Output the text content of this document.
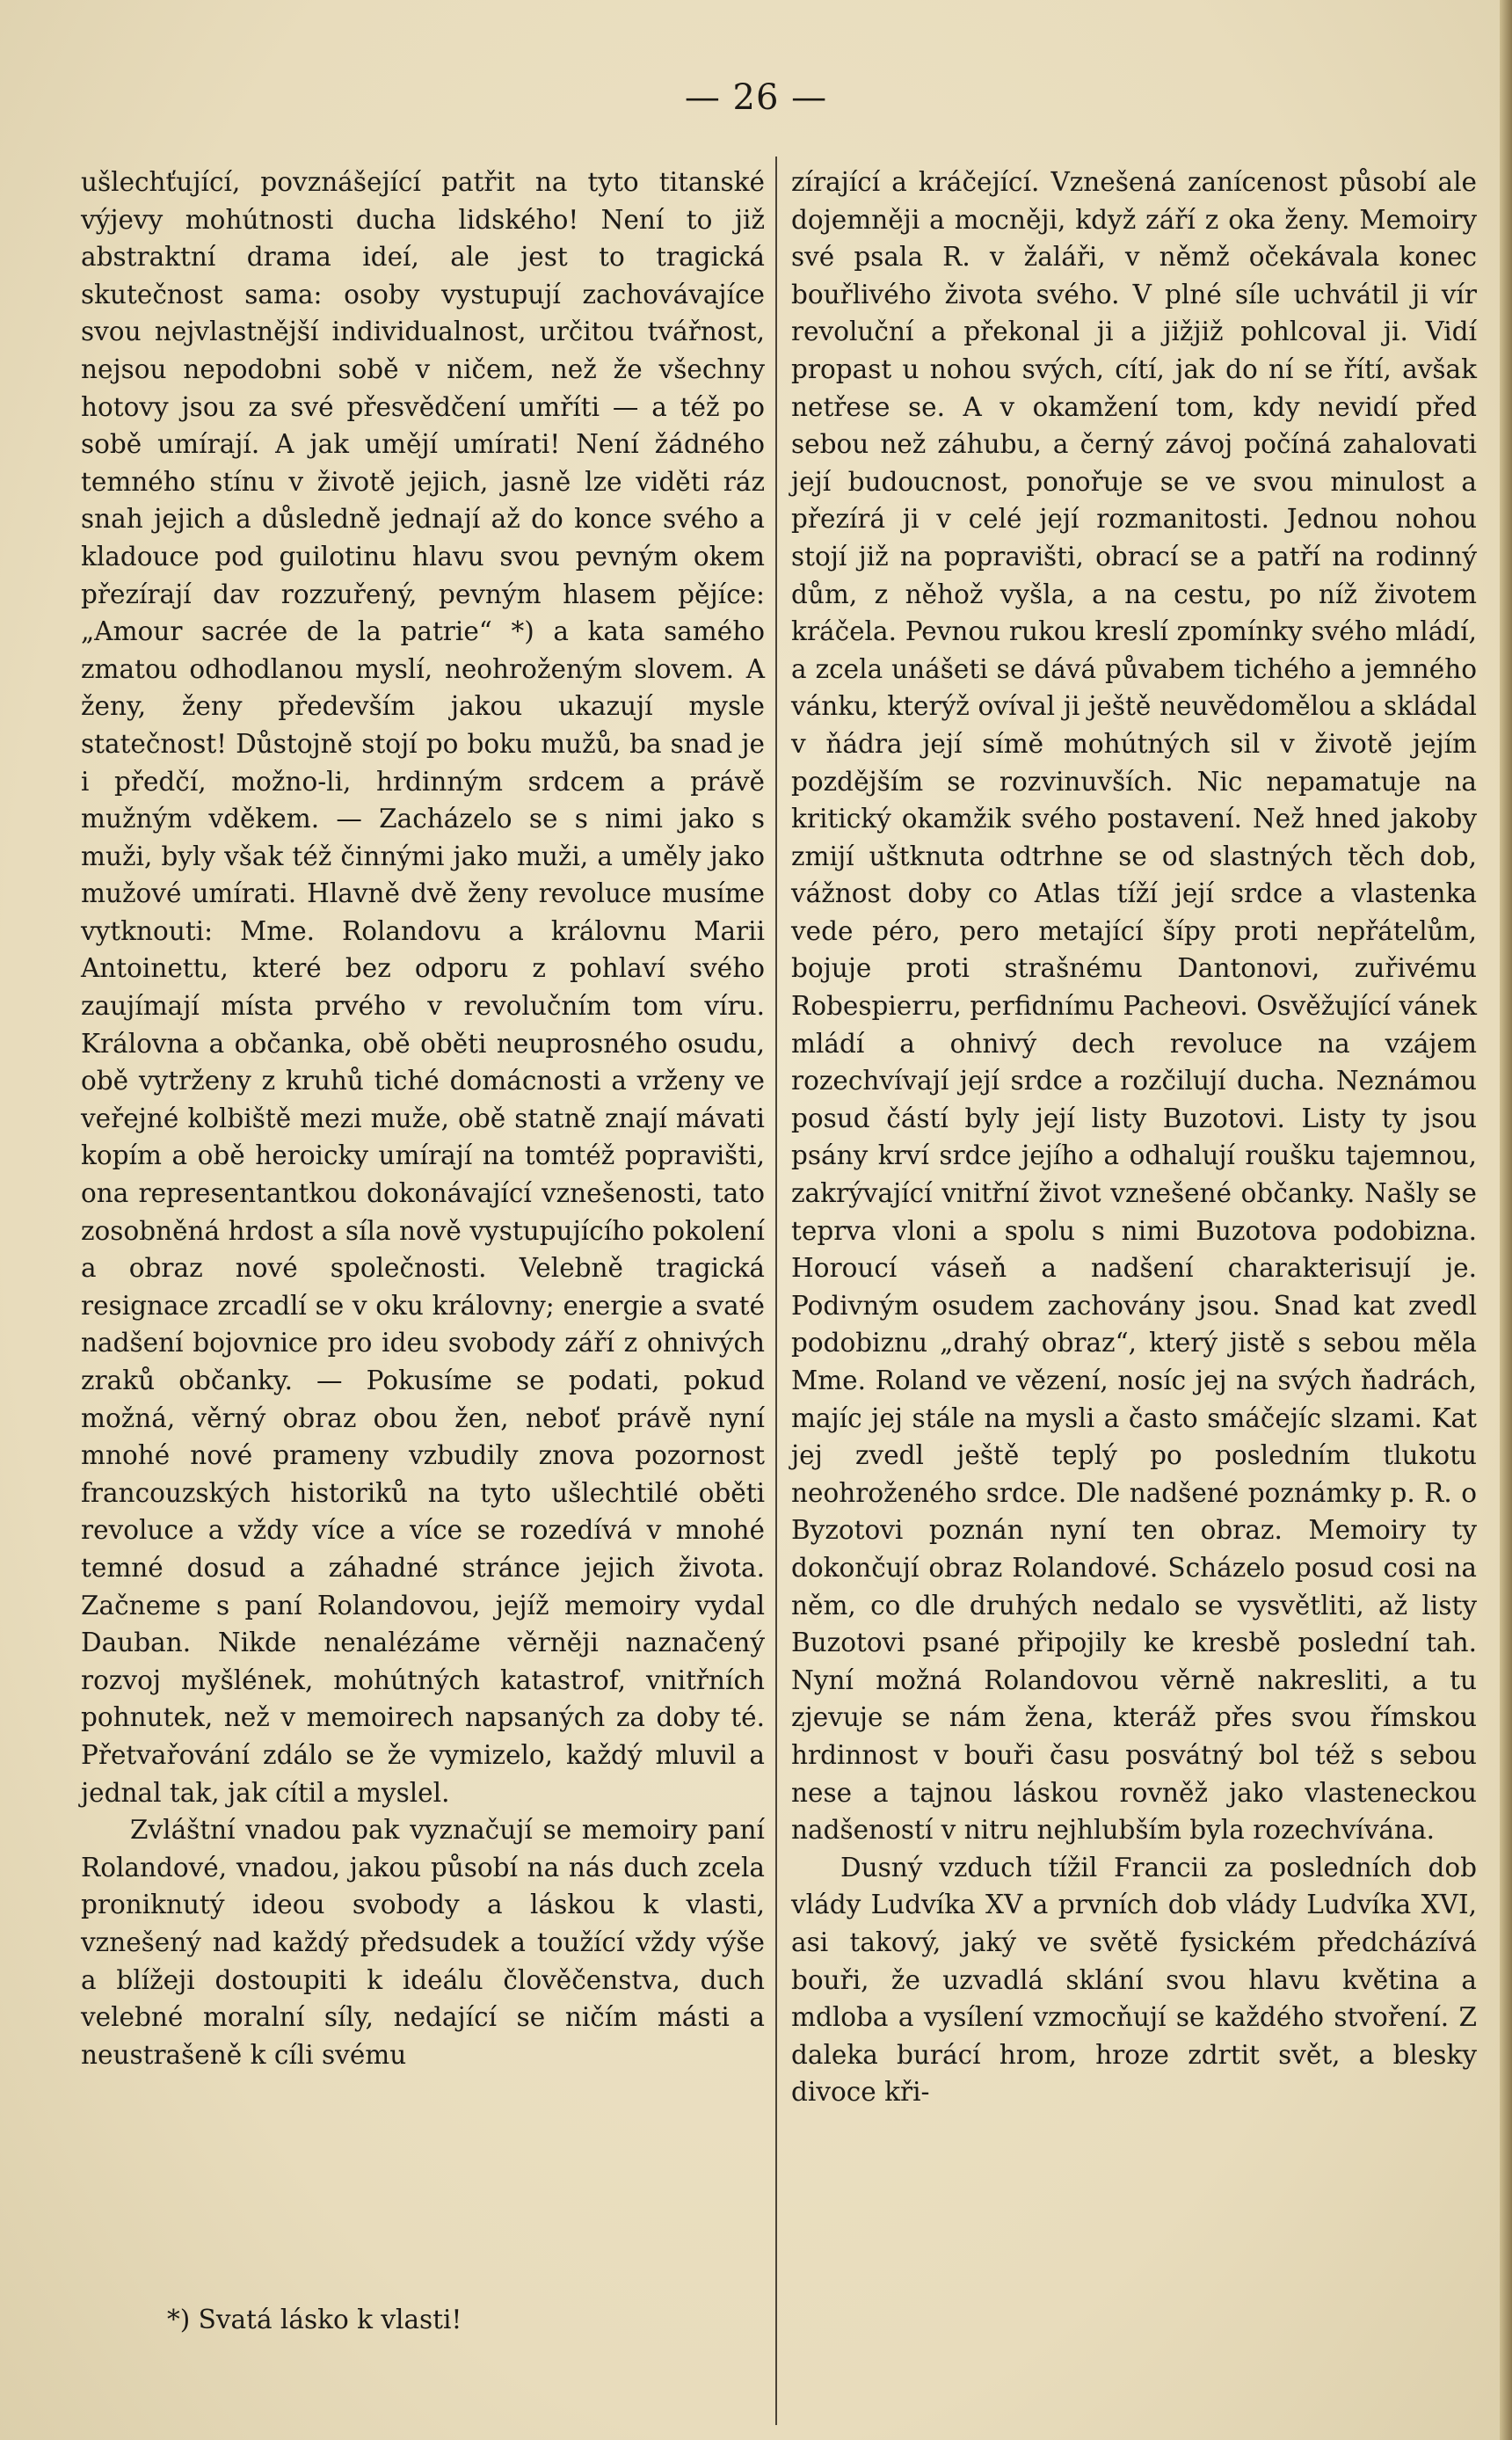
— 26 —

ušlechťující, povznášející patřit na tyto titanské výjevy mohútnosti ducha lidského! Není to již abstraktní drama ideí, ale jest to tragická skutečnost sama: osoby vystupují zachovávajíce svou nejvlastnější individualnost, určitou tvářnost, nejsou nepodobni sobě v ničem, než že všechny hotovy jsou za své přesvědčení umříti — a též po sobě umírají. A jak umějí umírati! Není žádného temného stínu v životě jejich, jasně lze viděti ráz snah jejich a důsledně jednají až do konce svého a kladouce pod guilotinu hlavu svou pevným okem přezírají dav rozzuřený, pevným hlasem pějíce: „Amour sacrée de la patrie“ *) a kata samého zmatou odhodlanou myslí, neohroženým slovem. A ženy, ženy především jakou ukazují mysle statečnost! Důstojně stojí po boku mužů, ba snad je i předčí, možno-li, hrdinným srdcem a právě mužným vděkem. — Zacházelo se s nimi jako s muži, byly však též činnými jako muži, a uměly jako mužové umírati. Hlavně dvě ženy revoluce musíme vytknouti: Mme. Rolandovu a královnu Marii Antoinettu, které bez odporu z pohlaví svého zaujímají místa prvého v revolučním tom víru. Královna a občanka, obě oběti neuprosného osudu, obě vytrženy z kruhů tiché domácnosti a vrženy ve veřejné kolbiště mezi muže, obě statně znají mávati kopím a obě heroicky umírají na tomtéž popravišti, ona representantkou dokonávající vznešenosti, tato zosobněná hrdost a síla nově vystupujícího pokolení a obraz nové společnosti. Velebně tragická resignace zrcadlí se v oku královny; energie a svaté nadšení bojovnice pro ideu svobody září z ohnivých zraků občanky. — Pokusíme se podati, pokud možná, věrný obraz obou žen, neboť právě nyní mnohé nové prameny vzbudily znova pozornost francouzských historiků na tyto ušlechtilé oběti revoluce a vždy více a více se rozedívá v mnohé temné dosud a záhadné stránce jejich života. Začneme s paní Rolandovou, jejíž memoiry vydal Dauban. Nikde nenalézáme věrněji naznačený rozvoj myšlének, mohútných katastrof, vnitřních pohnutek, než v memoirech napsaných za doby té. Přetvařování zdálo se že vymizelo, každý mluvil a jednal tak, jak cítil a myslel.

Zvláštní vnadou pak vyznačují se memoiry paní Rolandové, vnadou, jakou působí na nás duch zcela proniknutý ideou svobody a láskou k vlasti, vznešený nad každý předsudek a toužící vždy výše a blížeji dostoupiti k ideálu člověčenstva, duch velebné moralní síly, nedající se ničím másti a neustrašeně k cíli svému

zírající a kráčející. Vznešená zanícenost působí ale dojemněji a mocněji, když září z oka ženy. Memoiry své psala R. v žaláři, v němž očekávala konec bouřlivého života svého. V plné síle uchvátil ji vír revoluční a překonal ji a jižjiž pohlcoval ji. Vidí propast u nohou svých, cítí, jak do ní se řítí, avšak netřese se. A v okamžení tom, kdy nevidí před sebou než záhubu, a černý závoj počíná zahalovati její budoucnost, ponořuje se ve svou minulost a přezírá ji v celé její rozmanitosti. Jednou nohou stojí již na popravišti, obrací se a patří na rodinný dům, z něhož vyšla, a na cestu, po níž životem kráčela. Pevnou rukou kreslí zpomínky svého mládí, a zcela unášeti se dává půvabem tichého a jemného vánku, kterýž ovíval ji ještě neuvědomělou a skládal v ňádra její símě mohútných sil v životě jejím pozdějším se rozvinuvších. Nic nepamatuje na kritický okamžik svého postavení. Než hned jakoby zmijí uštknuta odtrhne se od slastných těch dob, vážnost doby co Atlas tíží její srdce a vlastenka vede péro, pero metající šípy proti nepřátelům, bojuje proti strašnému Dantonovi, zuřivému Robespierru, perfidnímu Pacheovi. Osvěžující vánek mládí a ohnivý dech revoluce na vzájem rozechvívají její srdce a rozčilují ducha. Neznámou posud částí byly její listy Buzotovi. Listy ty jsou psány krví srdce jejího a odhalují roušku tajemnou, zakrývající vnitřní život vznešené občanky. Našly se teprva vloni a spolu s nimi Buzotova podobizna. Horoucí váseň a nadšení charakterisují je. Podivným osudem zachovány jsou. Snad kat zvedl podobiznu „drahý obraz“, který jistě s sebou měla Mme. Roland ve vězení, nosíc jej na svých ňadrách, majíc jej stále na mysli a často smáčejíc slzami. Kat jej zvedl ještě teplý po posledním tlukotu neohroženého srdce. Dle nadšené poznámky p. R. o Byzotovi poznán nyní ten obraz. Memoiry ty dokončují obraz Rolandové. Scházelo posud cosi na něm, co dle druhých nedalo se vysvětliti, až listy Buzotovi psané připojily ke kresbě poslední tah. Nyní možná Rolandovou věrně nakresliti, a tu zjevuje se nám žena, kteráž přes svou římskou hrdinnost v bouři času posvátný bol též s sebou nese a tajnou láskou rovněž jako vlasteneckou nadšeností v nitru nejhlubším byla rozechvívána.

Dusný vzduch tížil Francii za posledních dob vlády Ludvíka XV a prvních dob vlády Ludvíka XVI, asi takový, jaký ve světě fysickém předcházívá bouři, že uzvadlá sklání svou hlavu květina a mdloba a vysílení vzmocňují se každého stvoření. Z daleka burácí hrom, hroze zdrtit svět, a blesky divoce kři-

*) Svatá lásko k vlasti!
